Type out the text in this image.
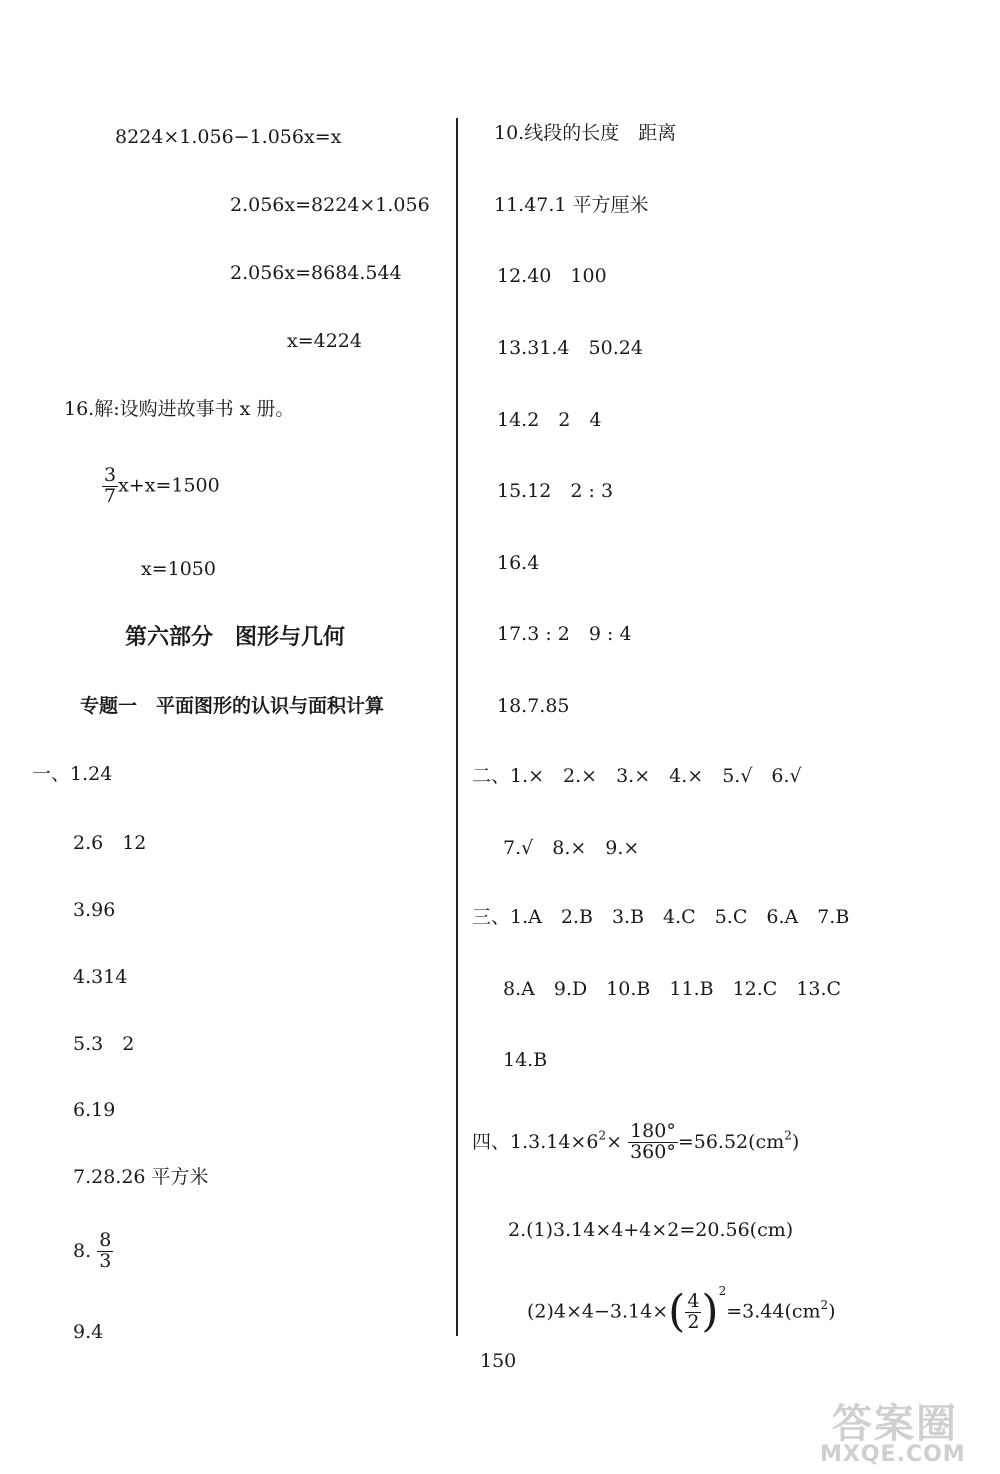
8224×1.056−1.056x=x
2.056x=8224×1.056
2.056x=8684.544
x=4224
16.解:设购进故事书 x 册。
$\frac{3}{7} x+x=1500$
x=1050
第六部分　图形与几何
专题一　平面图形的认识与面积计算
一、1.24
2.6　12
3.96
4.314
5.3　2
6.19
7.28.26 平方米
8. $\frac{8}{3}$
9.4
10.线段的长度　距离
11.47.1 平方厘米
12.40　100
13.31.4　50.24
14.2　2　4
15.12　2 : 3
16.4
17.3 : 2　9 : 4
18.7.85
二、1.×　2.×　3.×　4.×　5.√　6.√
7.√　8.×　9.×
三、1.A　2.B　3.B　4.C　5.C　6.A　7.B
8.A　9.D　10.B　11.B　12.C　13.C
14.B
四、$1.3.14\times 6^2\times \frac{180^\circ}{360^\circ} =56.52(cm^2)$
2.(1)3.14×4+4×2=20.56(cm)
$(2)4\times 4-3.14\times( \frac{4}{2} )^2=3.44(cm^2)$
150
答案圈
MXQE.COM
